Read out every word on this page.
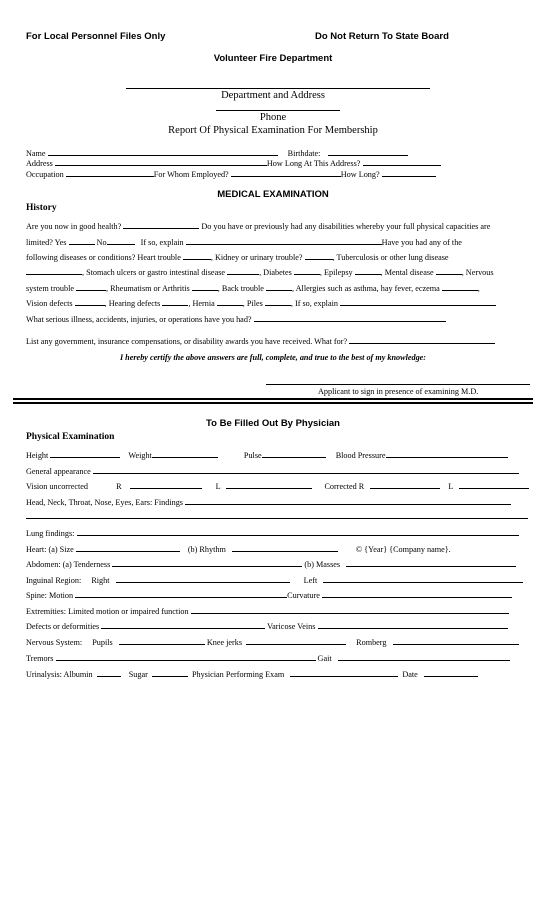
For Local Personnel Files Only	Do Not Return To State Board
Volunteer Fire Department
Department and Address
Phone
Report Of Physical Examination For Membership
Name	Birthdate:
Address	How Long At This Address?
Occupation	For Whom Employed?	How Long?
MEDICAL EXAMINATION
History
Are you now in good health?	Do you have or previously had any disabilities whereby your full physical capacities are
limited? Yes	No	If so, explain	Have you had any of the
following diseases or conditions? Heart trouble	, Kidney or urinary trouble?	, Tuberculosis or other lung disease
, Stomach ulcers or gastro intestinal disease	, Diabetes	, Epilepsy	, Mental disease	, Nervous
system trouble	, Rheumatism or Arthritis	, Back trouble	, Allergies such as asthma, hay fever, eczema	,
Vision defects	, Hearing defects	, Hernia	, Piles	, If so, explain
What serious illness, accidents, injuries, or operations have you had?
List any government, insurance compensations, or disability awards you have received. What for?
I hereby certify the above answers are full, complete, and true to the best of my knowledge:
Applicant to sign in presence of examining M.D.
To Be Filled Out By Physician
Physical Examination
Height	Weight	Pulse	Blood Pressure
General appearance
Vision uncorrected	R	L	Corrected R	L
Head, Neck, Throat, Nose, Eyes, Ears: Findings
Lung findings:
Heart: (a) Size	(b) Rhythm	© {Year} {Company name}.
Abdomen: (a) Tenderness	(b) Masses
Inguinal Region: Right	Left
Spine: Motion	Curvature
Extremities: Limited motion or impaired function
Defects or deformities	Varicose Veins
Nervous System: Pupils	Knee jerks	Romberg
Tremors	Gait
Urinalysis: Albumin	Sugar	Physician Performing Exam	Date
